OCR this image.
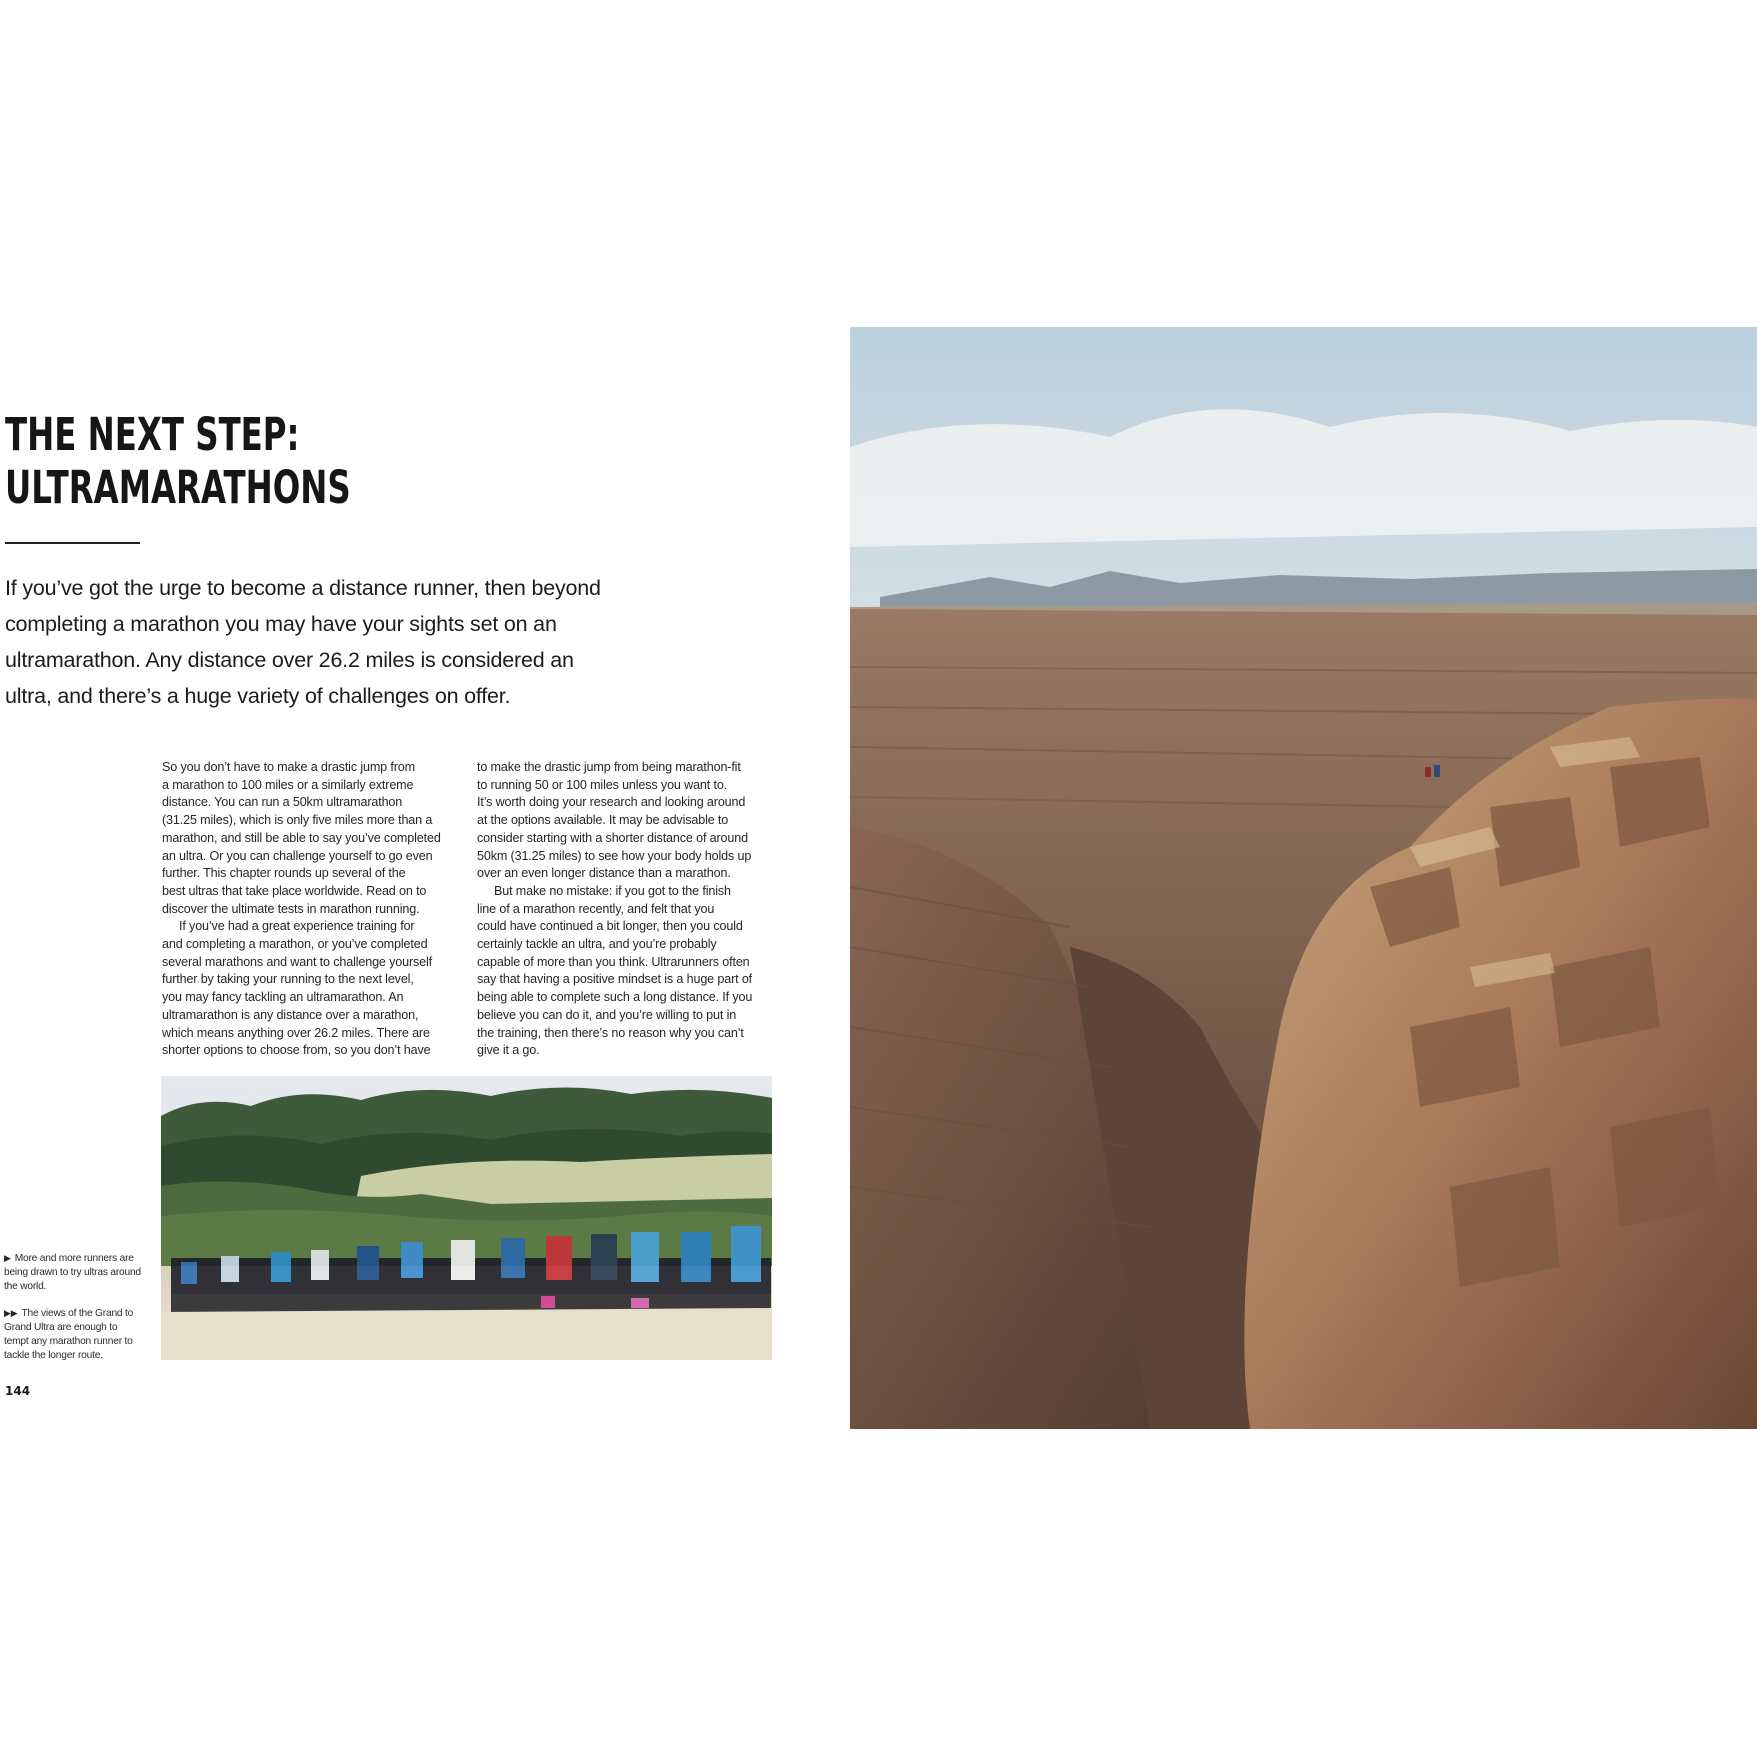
THE NEXT STEP:
ULTRAMARATHONS

If you’ve got the urge to become a distance runner, then beyond completing a marathon you may have your sights set on an ultramarathon. Any distance over 26.2 miles is considered an ultra, and there’s a huge variety of challenges on offer.

So you don’t have to make a drastic jump from

a marathon to 100 miles or a similarly extreme

distance. You can run a 50km ultramarathon

(31.25 miles), which is only five miles more than a

marathon, and still be able to say you’ve completed

an ultra. Or you can challenge yourself to go even

further. This chapter rounds up several of the

best ultras that take place worldwide. Read on to

discover the ultimate tests in marathon running.

If you’ve had a great experience training for

and completing a marathon, or you’ve completed

several marathons and want to challenge yourself

further by taking your running to the next level,

you may fancy tackling an ultramarathon. An

ultramarathon is any distance over a marathon,

which means anything over 26.2 miles. There are

shorter options to choose from, so you don’t have

to make the drastic jump from being marathon-fit

to running 50 or 100 miles unless you want to.

It’s worth doing your research and looking around

at the options available. It may be advisable to

consider starting with a shorter distance of around

50km (31.25 miles) to see how your body holds up

over an even longer distance than a marathon.

But make no mistake: if you got to the finish

line of a marathon recently, and felt that you

could have continued a bit longer, then you could

certainly tackle an ultra, and you’re probably

capable of more than you think. Ultrarunners often

say that having a positive mindset is a huge part of

being able to complete such a long distance. If you

believe you can do it, and you’re willing to put in

the training, then there’s no reason why you can’t

give it a go.

▶ More and more runners are being drawn to try ultras around the world.

▶▶ The views of the Grand to Grand Ultra are enough to tempt any marathon runner to tackle the longer route.

144
